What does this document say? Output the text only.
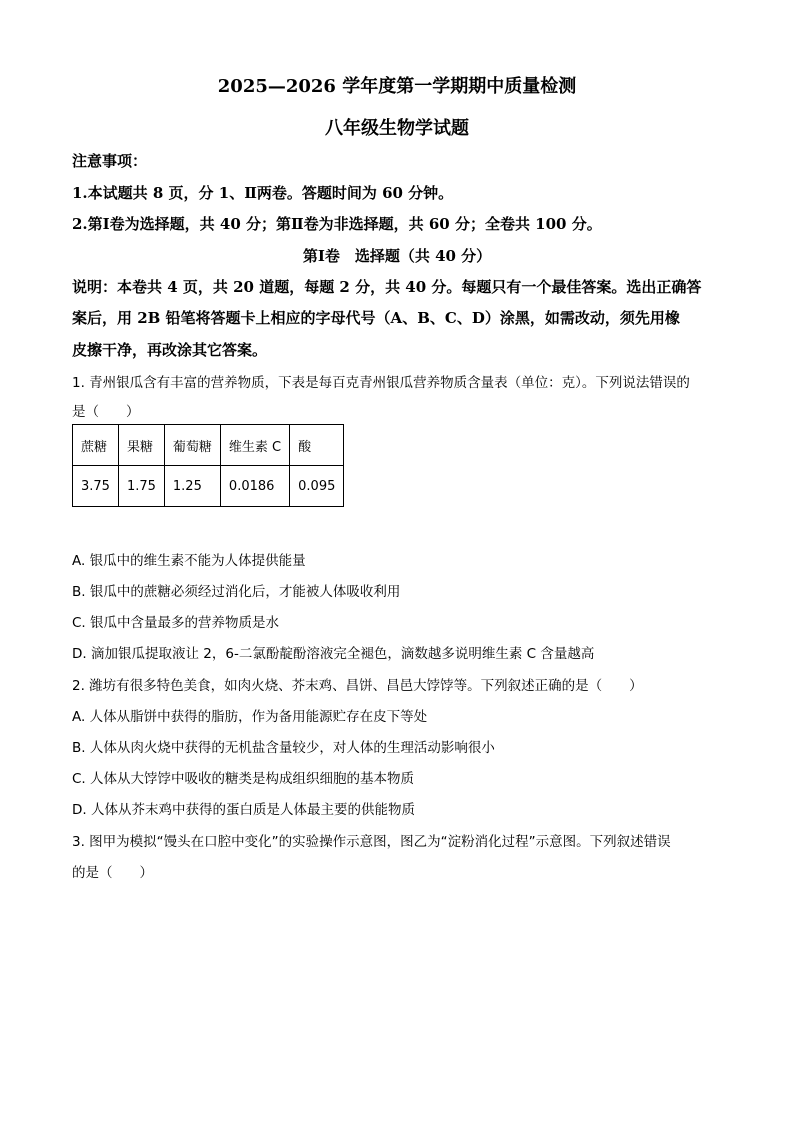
2025—2026 学年度第一学期期中质量检测
八年级生物学试题
注意事项：
1.本试题共 8 页，分 1、Ⅱ两卷。答题时间为 60 分钟。
2.第Ⅰ卷为选择题，共 40 分；第Ⅱ卷为非选择题，共 60 分；全卷共 100 分。
第Ⅰ卷　选择题（共 40 分）
说明：本卷共 4 页，共 20 道题，每题 2 分，共 40 分。每题只有一个最佳答案。选出正确答
案后，用 2B 铅笔将答题卡上相应的字母代号（A、B、C、D）涂黑，如需改动，须先用橡
皮擦干净，再改涂其它答案。
1. 青州银瓜含有丰富的营养物质，下表是每百克青州银瓜营养物质含量表（单位：克）。下列说法错误的
是（　　）
蔗糖	果糖	葡萄糖	维生素 C	酸
3.75	1.75	1.25	0.0186	0.095
A. 银瓜中的维生素不能为人体提供能量
B. 银瓜中的蔗糖必须经过消化后，才能被人体吸收利用
C. 银瓜中含量最多的营养物质是水
D. 滴加银瓜提取液让 2，6-二氯酚靛酚溶液完全褪色，滴数越多说明维生素 C 含量越高
2. 潍坊有很多特色美食，如肉火烧、芥末鸡、昌饼、昌邑大饽饽等。下列叙述正确的是（　　）
A. 人体从脂饼中获得的脂肪，作为备用能源贮存在皮下等处
B. 人体从肉火烧中获得的无机盐含量较少，对人体的生理活动影响很小
C. 人体从大饽饽中吸收的糖类是构成组织细胞的基本物质
D. 人体从芥末鸡中获得的蛋白质是人体最主要的供能物质
3. 图甲为模拟“馒头在口腔中变化”的实验操作示意图，图乙为“淀粉消化过程”示意图。下列叙述错误
的是（　　）
